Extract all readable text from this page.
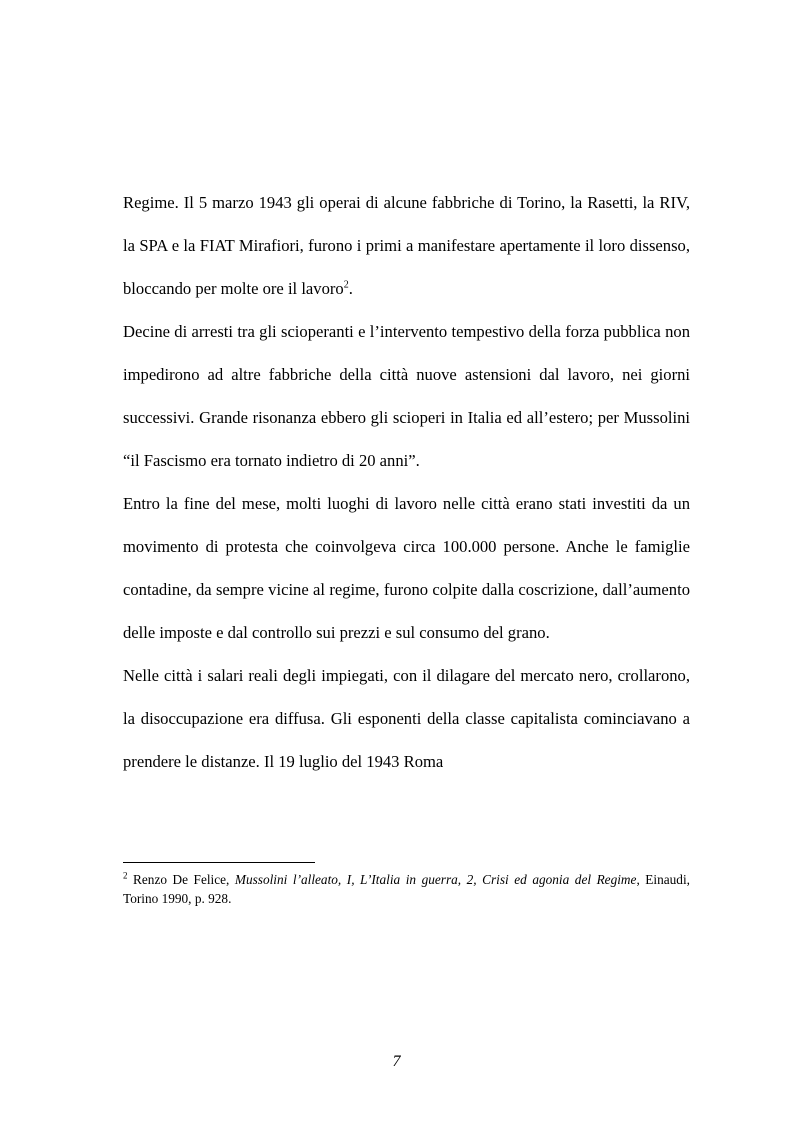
Regime. Il 5 marzo 1943 gli operai di alcune fabbriche di Torino, la Rasetti, la RIV, la SPA e la FIAT Mirafiori, furono i primi a manifestare apertamente il loro dissenso, bloccando per molte ore il lavoro$^2$.

Decine di arresti tra gli scioperanti e l’intervento tempestivo della forza pubblica non impedirono ad altre fabbriche della città nuove astensioni dal lavoro, nei giorni successivi. Grande risonanza ebbero gli scioperi in Italia ed all’estero; per Mussolini “il Fascismo era tornato indietro di 20 anni”.

Entro la fine del mese, molti luoghi di lavoro nelle città erano stati investiti da un movimento di protesta che coinvolgeva circa 100.000 persone. Anche le famiglie contadine, da sempre vicine al regime, furono colpite dalla coscrizione, dall’aumento delle imposte e dal controllo sui prezzi e sul consumo del grano.

Nelle città i salari reali degli impiegati, con il dilagare del mercato nero, crollarono, la disoccupazione era diffusa. Gli esponenti della classe capitalista cominciavano a prendere le distanze. Il 19 luglio del 1943 Roma

$^2$ Renzo De Felice, Mussolini l’alleato, I, L’Italia in guerra, 2, Crisi ed agonia del Regime, Einaudi, Torino 1990, p. 928.

7
